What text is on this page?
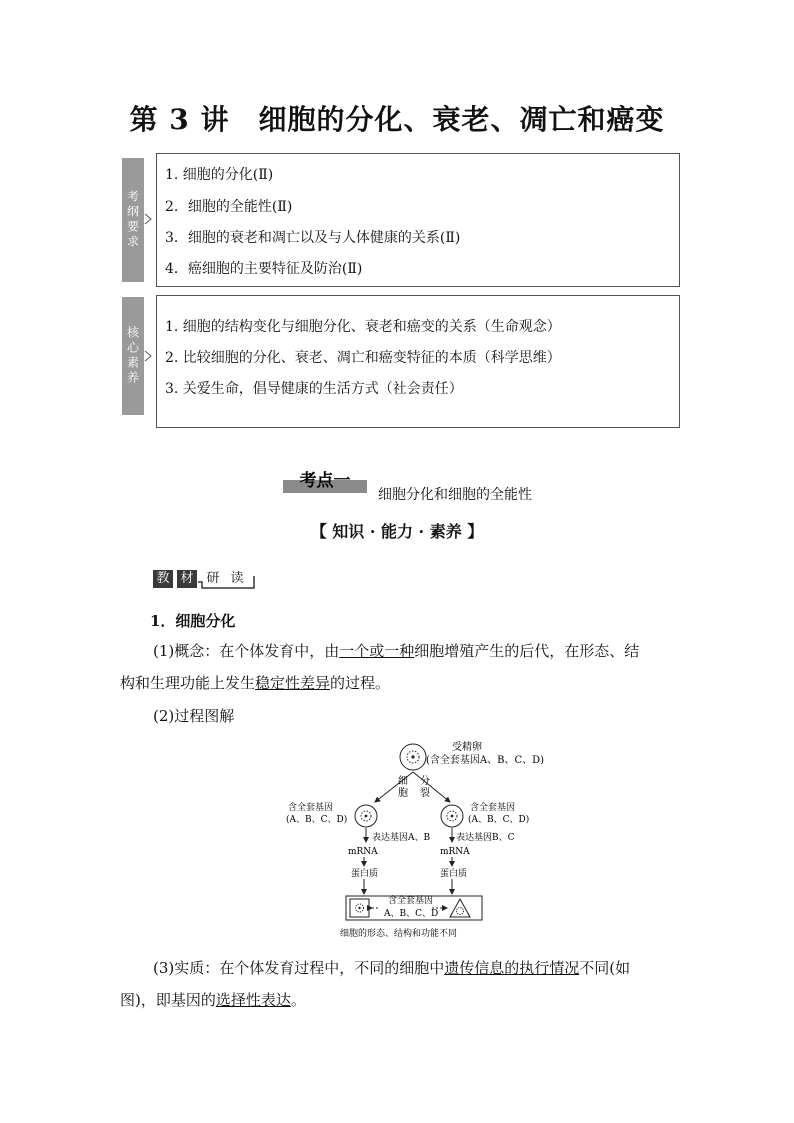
第 3 讲　细胞的分化、衰老、凋亡和癌变
考纲要求
1. 细胞的分化(Ⅱ)
2．细胞的全能性(Ⅱ)
3．细胞的衰老和凋亡以及与人体健康的关系(Ⅱ)
4．癌细胞的主要特征及防治(Ⅱ)
核心素养 1. 细胞的结构变化与细胞分化、衰老和癌变的关系（生命观念）
2. 比较细胞的分化、衰老、凋亡和癌变特征的本质（科学思维）
3. 关爱生命，倡导健康的生活方式（社会责任）
考点一
细胞分化和细胞的全能性
【 知识 · 能力 · 素养 】
教 材 研 读
1．细胞分化
(1)概念：在个体发育中，由一个或一种细胞增殖产生的后代，在形态、结
构和生理功能上发生稳定性差异的过程。
(2)过程图解
受精卵
(含全套基因A、B、C、D)
细
胞
分
裂
含全套基因
(A、B、C、D)
含全套基因
(A、B、C、D)
表达基因A、B
mRNA
蛋白质
表达基因B、C
mRNA
蛋白质
含全套基因
A、B、C、D
细胞的形态、结构和功能不同
(3)实质：在个体发育过程中，不同的细胞中遗传信息的执行情况不同(如
图)，即基因的选择性表达。
